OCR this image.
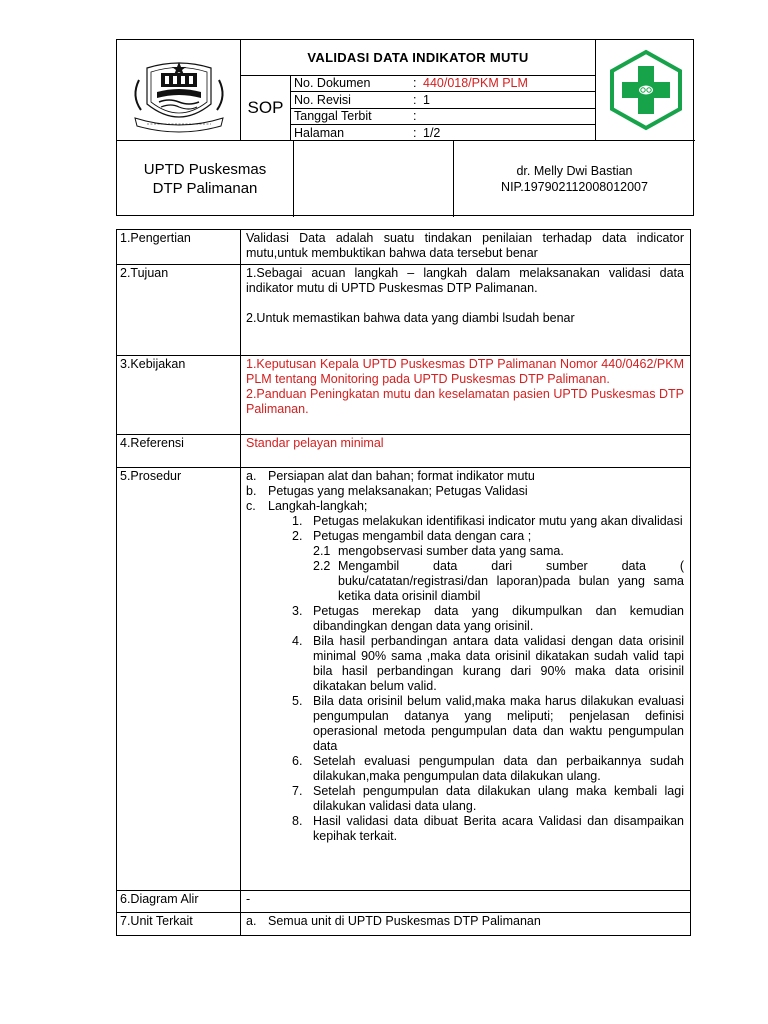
VALIDASI DATA INDIKATOR MUTU
SOP
No. Dokumen	: 440/018/PKM PLM
No. Revisi	: 1
Tanggal Terbit	:
Halaman	: 1/2
UPTD Puskesmas
DTP Palimanan
dr. Melly Dwi Bastian
NIP.197902112008012007
1.Pengertian	Validasi Data adalah suatu tindakan penilaian terhadap data indicator mutu,untuk membuktikan bahwa data tersebut benar
2.Tujuan	1.Sebagai acuan langkah – langkah dalam melaksanakan validasi data indikator mutu di UPTD Puskesmas DTP Palimanan.
2.Untuk memastikan bahwa data yang diambi lsudah benar
3.Kebijakan	1.Keputusan Kepala UPTD Puskesmas DTP Palimanan Nomor 440/0462/PKM PLM tentang Monitoring pada UPTD Puskesmas DTP Palimanan.
2.Panduan Peningkatan mutu dan keselamatan pasien UPTD Puskesmas DTP Palimanan.
4.Referensi	Standar pelayan minimal
5.Prosedur	a. Persiapan alat dan bahan; format indikator mutu
b. Petugas yang melaksanakan; Petugas Validasi
c. Langkah-langkah;
1. Petugas melakukan identifikasi indicator mutu yang akan divalidasi
2. Petugas mengambil data dengan cara ;
2.1 mengobservasi sumber data yang sama.
2.2 Mengambil data dari sumber data ( buku/catatan/registrasi/dan laporan)pada bulan yang sama ketika data orisinil diambil
3. Petugas merekap data yang dikumpulkan dan kemudian dibandingkan dengan data yang orisinil.
4. Bila hasil perbandingan antara data validasi dengan data orisinil minimal 90% sama ,maka data orisinil dikatakan sudah valid tapi bila hasil perbandingan kurang dari 90% maka data orisinil dikatakan belum valid.
5. Bila data orisinil belum valid,maka maka harus dilakukan evaluasi pengumpulan datanya yang meliputi; penjelasan definisi operasional metoda pengumpulan data dan waktu pengumpulan data
6. Setelah evaluasi pengumpulan data dan perbaikannya sudah dilakukan,maka pengumpulan data dilakukan ulang.
7. Setelah pengumpulan data dilakukan ulang maka kembali lagi dilakukan validasi data ulang.
8. Hasil validasi data dibuat Berita acara Validasi dan disampaikan kepihak terkait.
6.Diagram Alir	-
7.Unit Terkait	a. Semua unit di UPTD Puskesmas DTP Palimanan
